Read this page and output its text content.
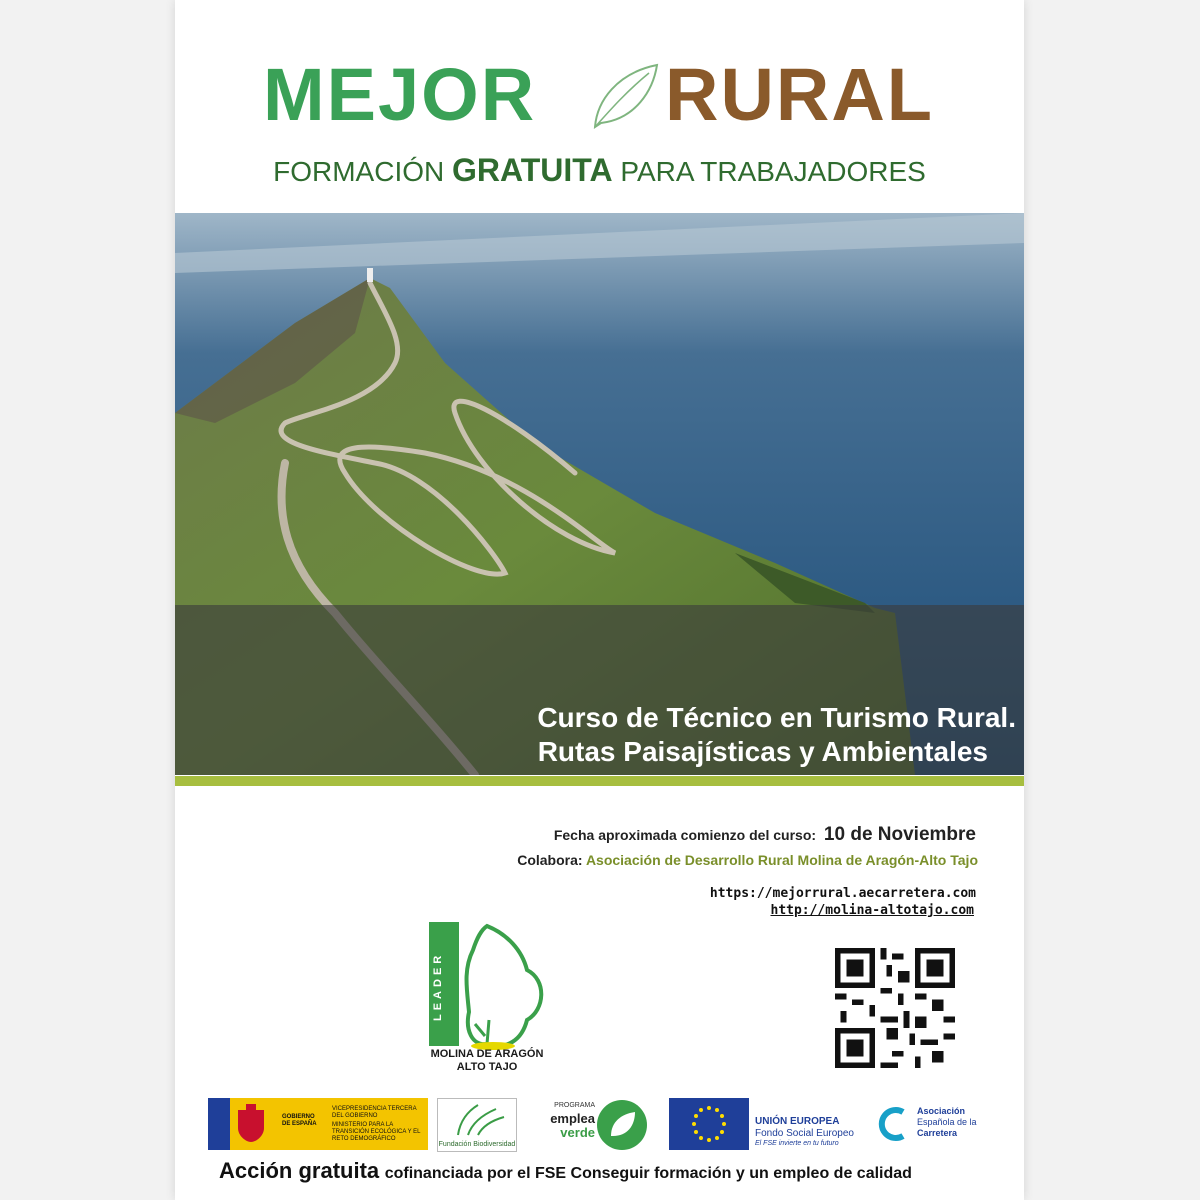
MEJOR RURAL
FORMACIÓN GRATUITA PARA TRABAJADORES
Curso de Técnico en Turismo Rural.
Rutas Paisajísticas y Ambientales
Fecha aproximada comienzo del curso: 10 de Noviembre
Colabora: Asociación de Desarrollo Rural Molina de Aragón-Alto Tajo
https://mejorrural.aecarretera.com
http://molina-altotajo.com
LEADER
MOLINA DE ARAGÓN
ALTO TAJO
GOBIERNO DE ESPAÑA
VICEPRESIDENCIA TERCERA DEL GOBIERNO
MINISTERIO PARA LA TRANSICIÓN ECOLÓGICA Y EL RETO DEMOGRÁFICO
Fundación Biodiversidad
PROGRAMA
emplea
verde
UNIÓN EUROPEA
Fondo Social Europeo
El FSE invierte en tu futuro
Asociación
Española de la
Carretera
Acción gratuita cofinanciada por el FSE Conseguir formación y un empleo de calidad
